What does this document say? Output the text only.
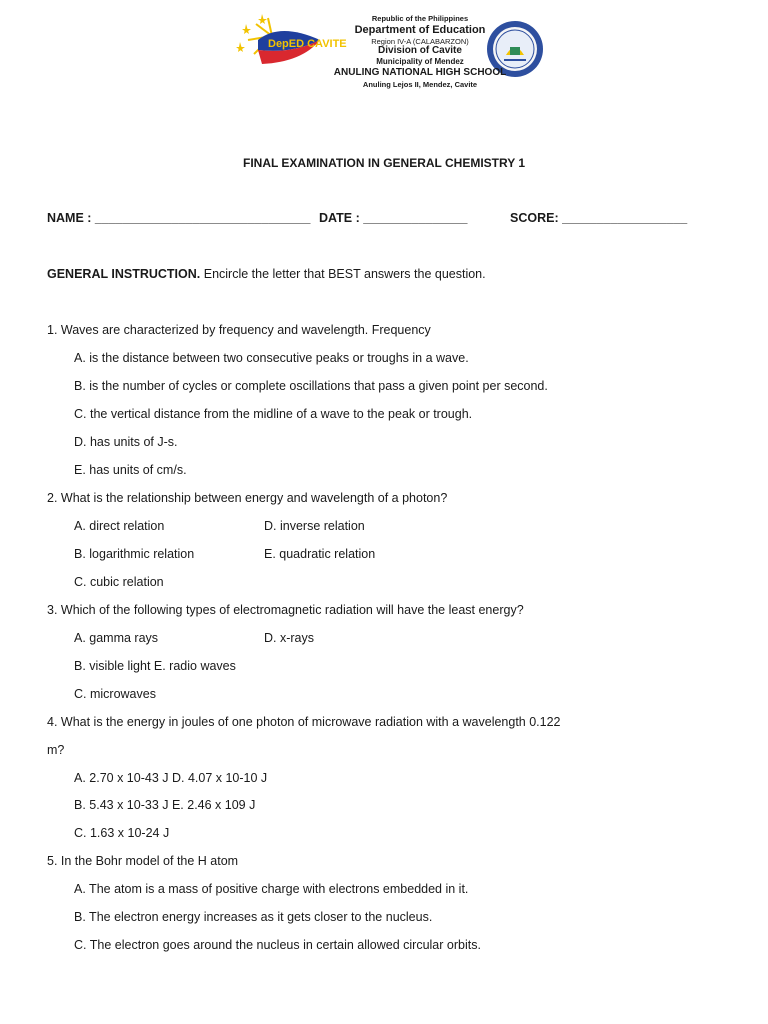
DepED CAVITE
Republic of the Philippines
Department of Education
Region IV-A (CALABARZON)
Division of Cavite
Municipality of Mendez
ANULING NATIONAL HIGH SCHOOL
Anuling Lejos II, Mendez, Cavite
FINAL EXAMINATION IN GENERAL CHEMISTRY 1
NAME : _______________________________ DATE : _______________	SCORE: __________________
GENERAL INSTRUCTION. Encircle the letter that BEST answers the question.
1. Waves are characterized by frequency and wavelength. Frequency
A. is the distance between two consecutive peaks or troughs in a wave.
B. is the number of cycles or complete oscillations that pass a given point per second.
C. the vertical distance from the midline of a wave to the peak or trough.
D. has units of J-s.
E. has units of cm/s.
2. What is the relationship between energy and wavelength of a photon?
A. direct relation	D. inverse relation
B. logarithmic relation	E. quadratic relation
C. cubic relation
3. Which of the following types of electromagnetic radiation will have the least energy?
A. gamma rays	D. x-rays
B. visible light E. radio waves
C. microwaves
4. What is the energy in joules of one photon of microwave radiation with a wavelength 0.122
m?
A. 2.70 x 10-43 J D. 4.07 x 10-10 J
B. 5.43 x 10-33 J E. 2.46 x 109 J
C. 1.63 x 10-24 J
5. In the Bohr model of the H atom
A. The atom is a mass of positive charge with electrons embedded in it.
B. The electron energy increases as it gets closer to the nucleus.
C. The electron goes around the nucleus in certain allowed circular orbits.
